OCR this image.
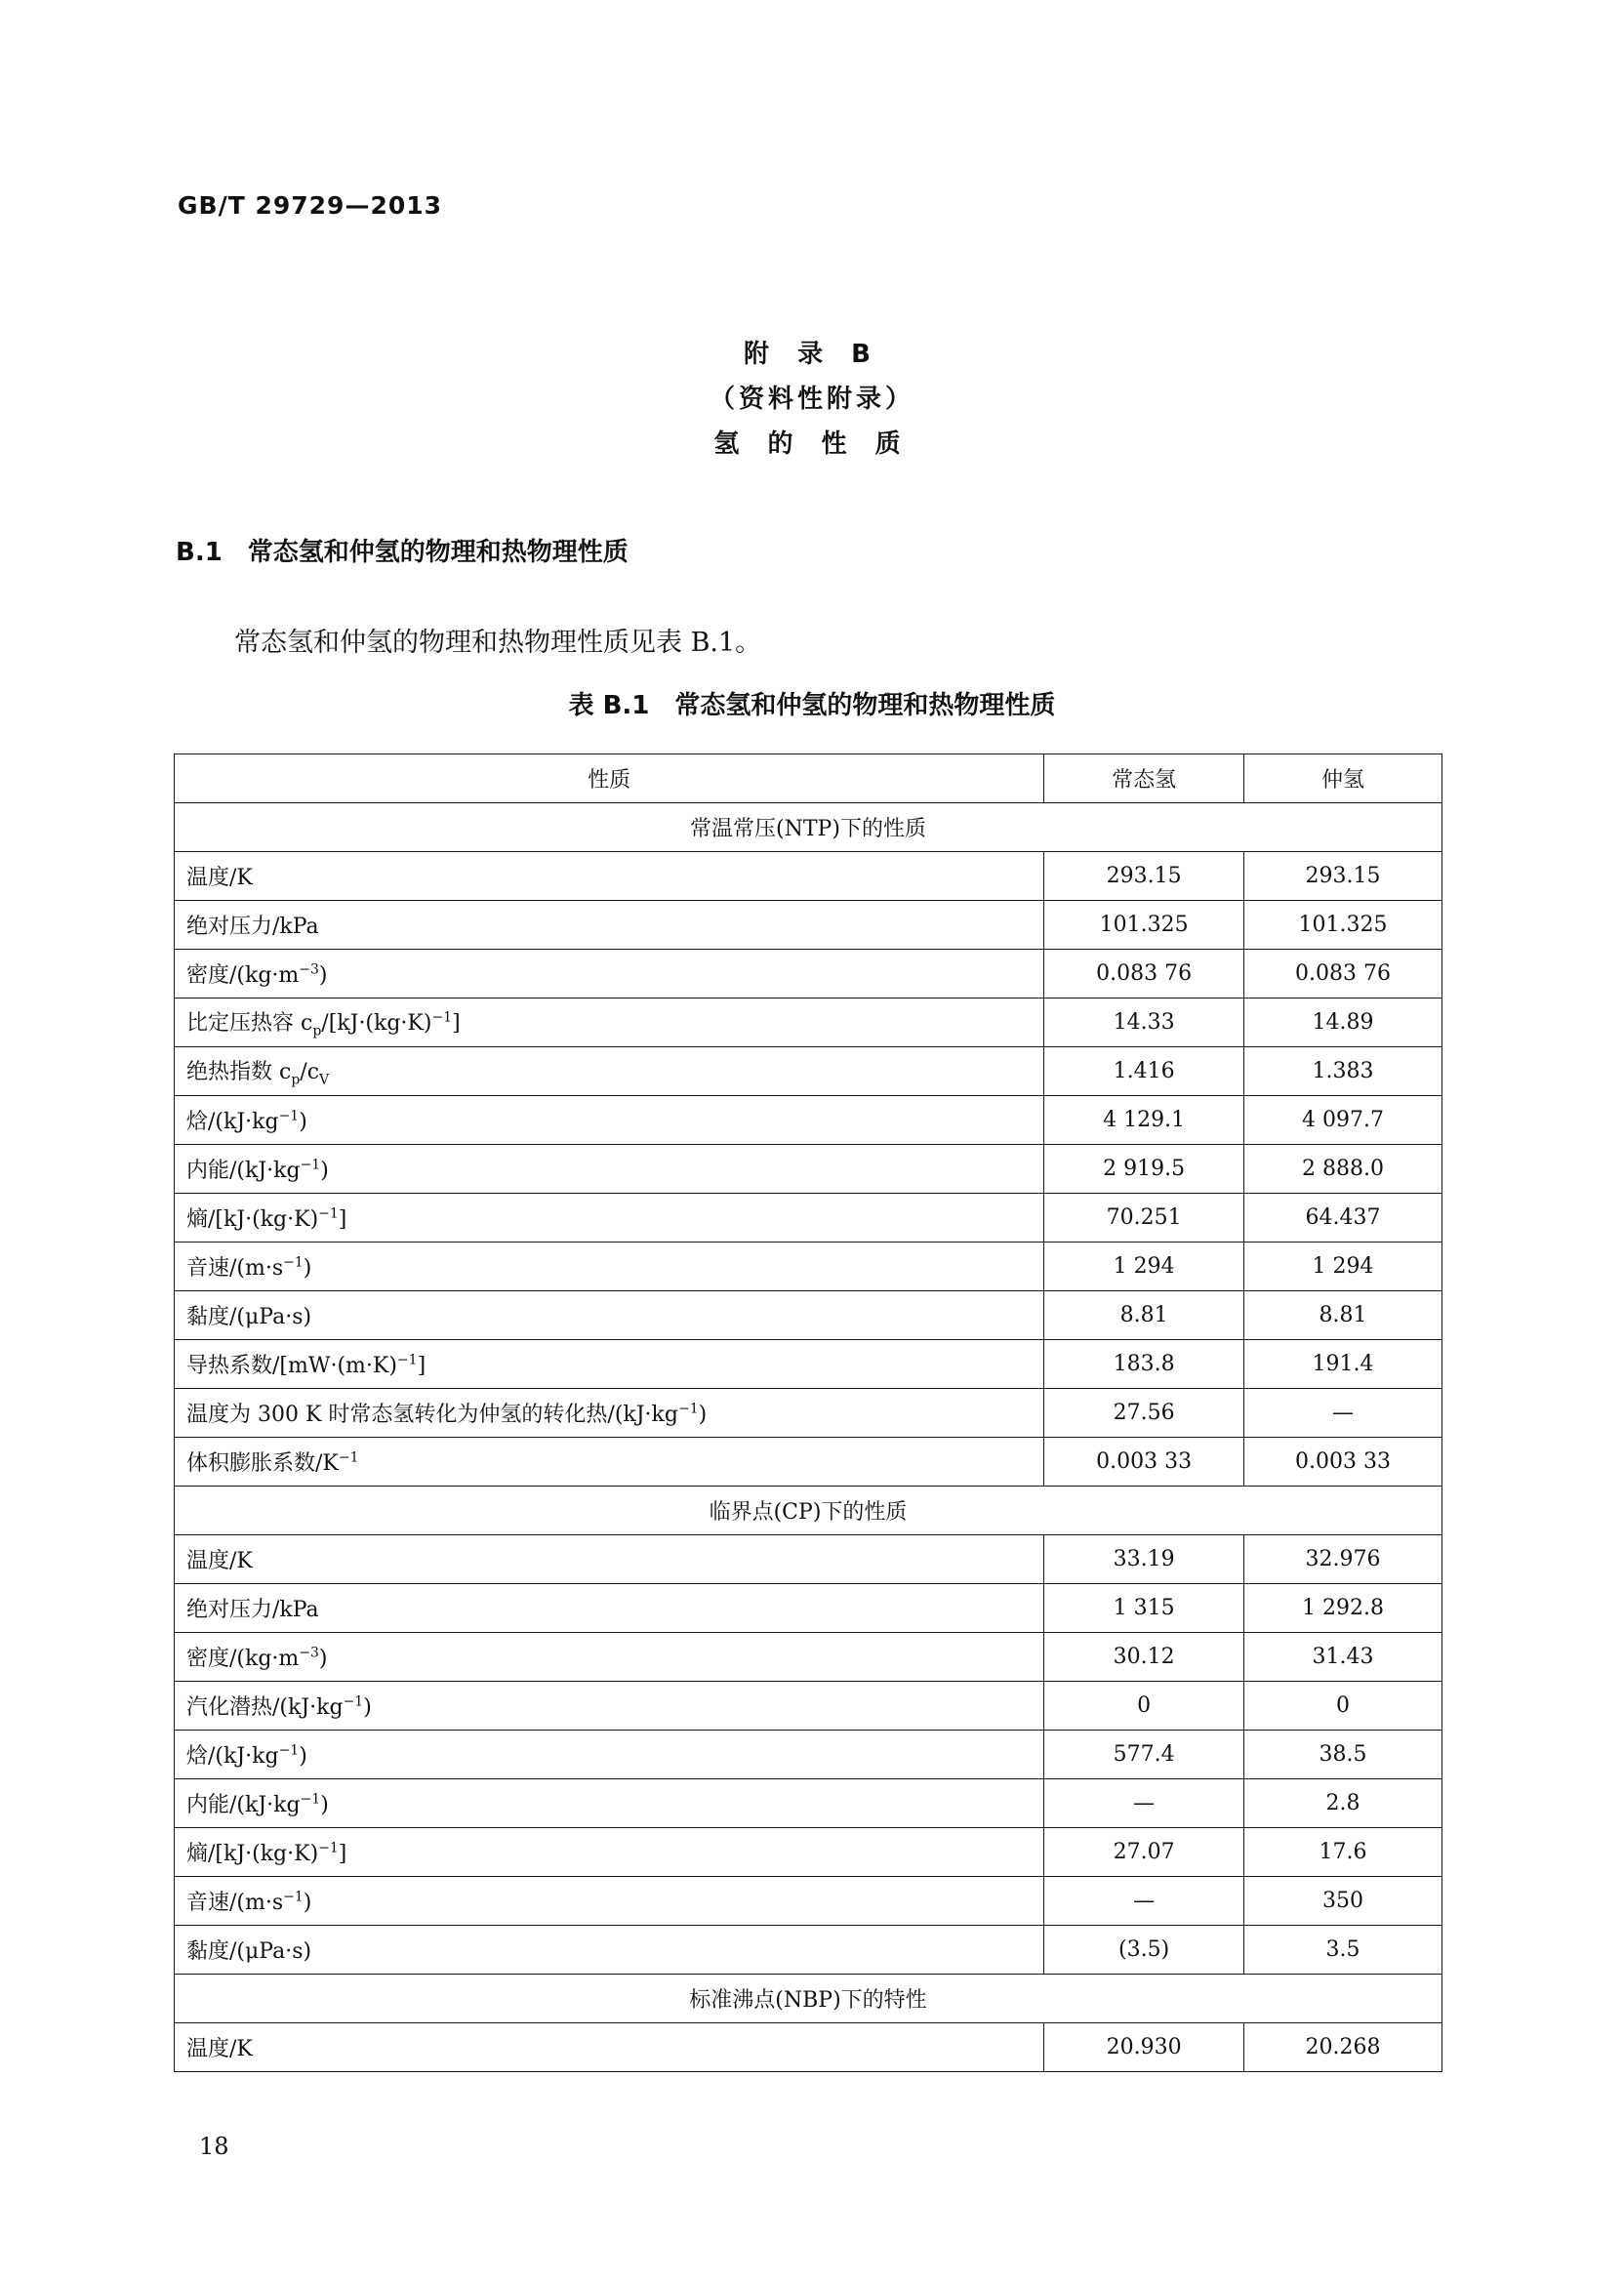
GB/T 29729—2013
附 录 B
（资料性附录）
氢 的 性 质
B.1 常态氢和仲氢的物理和热物理性质
常态氢和仲氢的物理和热物理性质见表 B.1。
表 B.1 常态氢和仲氢的物理和热物理性质
性质	常态氢	仲氢
常温常压(NTP)下的性质		
温度/K	293.15	293.15
绝对压力/kPa	101.325	101.325
密度$/(kg\cdot m^{-3})$	0.083 76	0.083 76
比定压热容 $c_p/[kJ\cdot(kg\cdot K)^{-1}]$	14.33	14.89
绝热指数 $c_p/c_V$	1.416	1.383
焓$/(kJ\cdot kg^{-1})$	4 129.1	4 097.7
内能$/(kJ\cdot kg^{-1})$	2 919.5	2 888.0
熵$/[kJ\cdot(kg\cdot K)^{-1}]$	70.251	64.437
音速$/(m\cdot s^{-1})$	1 294	1 294
黏度/(μPa·s)	8.81	8.81
导热系数$/[mW\cdot(m\cdot K)^{-1}]$	183.8	191.4
温度为 300 K 时常态氢转化为仲氢的转化热$/(kJ\cdot kg^{-1})$	27.56	—
体积膨胀系数$/K^{-1}$	0.003 33	0.003 33
临界点(CP)下的性质		
温度/K	33.19	32.976
绝对压力/kPa	1 315	1 292.8
密度$/(kg\cdot m^{-3})$	30.12	31.43
汽化潜热$/(kJ\cdot kg^{-1})$	0	0
焓$/(kJ\cdot kg^{-1})$	577.4	38.5
内能$/(kJ\cdot kg^{-1})$	—	2.8
熵$/[kJ\cdot(kg\cdot K)^{-1}]$	27.07	17.6
音速$/(m\cdot s^{-1})$	—	350
黏度/(μPa·s)	(3.5)	3.5
标准沸点(NBP)下的特性		
温度/K	20.930	20.268
18
